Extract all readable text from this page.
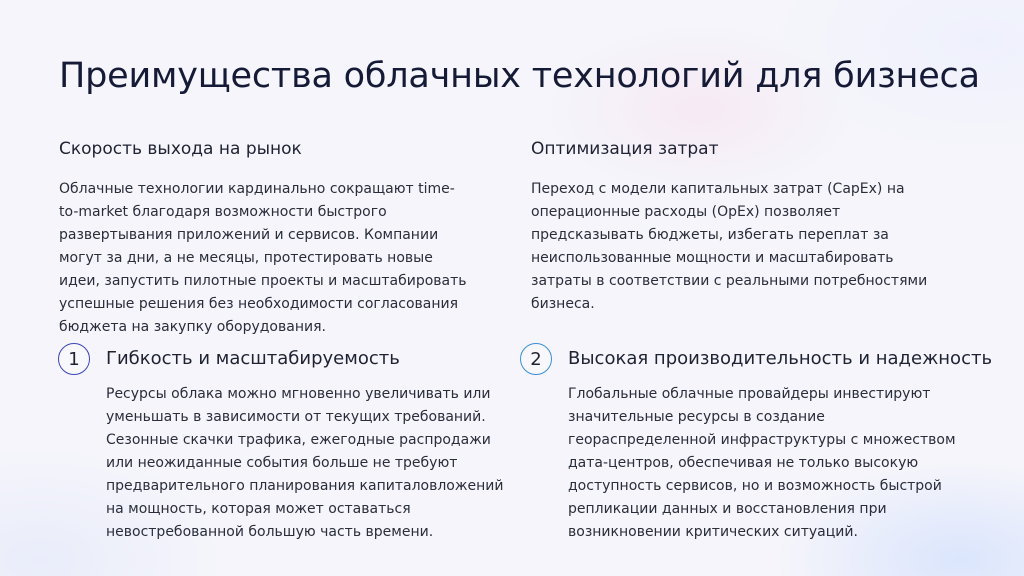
Преимущества облачных технологий для бизнеса
Скорость выхода на рынок
Облачные технологии кардинально сокращают time-to-market благодаря возможности быстрого развертывания приложений и сервисов. Компании могут за дни, а не месяцы, протестировать новые идеи, запустить пилотные проекты и масштабировать успешные решения без необходимости согласования бюджета на закупку оборудования.
Оптимизация затрат
Переход с модели капитальных затрат (CapEx) на операционные расходы (OpEx) позволяет предсказывать бюджеты, избегать переплат за неиспользованные мощности и масштабировать затраты в соответствии с реальными потребностями бизнеса.
1 Гибкость и масштабируемость
Ресурсы облака можно мгновенно увеличивать или уменьшать в зависимости от текущих требований. Сезонные скачки трафика, ежегодные распродажи или неожиданные события больше не требуют предварительного планирования капиталовложений на мощность, которая может оставаться невостребованной большую часть времени.
2 Высокая производительность и надежность
Глобальные облачные провайдеры инвестируют значительные ресурсы в создание георaспределенной инфраструктуры с множеством дата-центров, обеспечивая не только высокую доступность сервисов, но и возможность быстрой репликации данных и восстановления при возникновении критических ситуаций.
